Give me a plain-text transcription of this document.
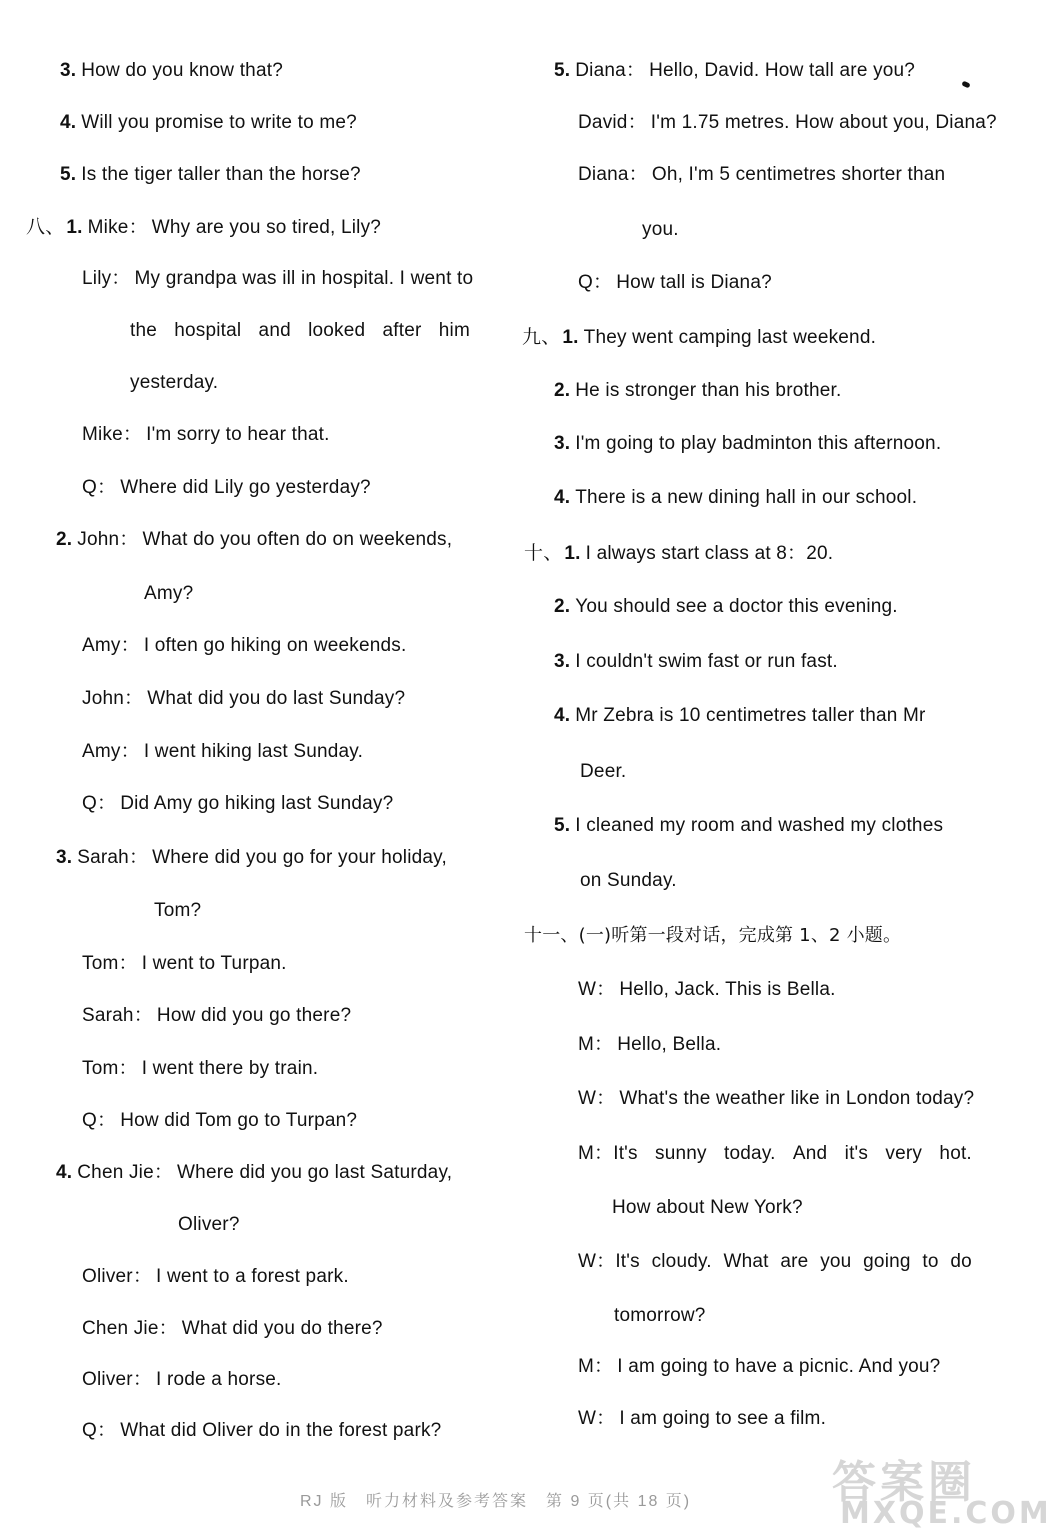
3. How do you know that?
4. Will you promise to write to me?
5. Is the tiger taller than the horse?
八、 1. Mike： Why are you so tired, Lily?
Lily： My grandpa was ill in hospital. I went to
the hospital and looked after him
yesterday.
Mike： I'm sorry to hear that.
Q： Where did Lily go yesterday?
2. John： What do you often do on weekends,
Amy?
Amy： I often go hiking on weekends.
John： What did you do last Sunday?
Amy： I went hiking last Sunday.
Q： Did Amy go hiking last Sunday?
3. Sarah： Where did you go for your holiday,
Tom?
Tom： I went to Turpan.
Sarah： How did you go there?
Tom： I went there by train.
Q： How did Tom go to Turpan?
4. Chen Jie： Where did you go last Saturday,
Oliver?
Oliver： I went to a forest park.
Chen Jie： What did you do there?
Oliver： I rode a horse.
Q： What did Oliver do in the forest park?
5. Diana： Hello, David. How tall are you?
David： I'm 1.75 metres. How about you, Diana?
Diana： Oh, I'm 5 centimetres shorter than
you.
Q： How tall is Diana?
九、 1. They went camping last weekend.
2. He is stronger than his brother.
3. I'm going to play badminton this afternoon.
4. There is a new dining hall in our school.
十、 1. I always start class at 8：20.
2. You should see a doctor this evening.
3. I couldn't swim fast or run fast.
4. Mr Zebra is 10 centimetres taller than Mr
Deer.
5. I cleaned my room and washed my clothes
on Sunday.
十一、(一)听第一段对话，完成第 1、2 小题。
W： Hello, Jack. This is Bella.
M： Hello, Bella.
W： What's the weather like in London today?
M：It's sunny today. And it's very hot.
How about New York?
W：It's cloudy. What are you going to do
tomorrow?
M： I am going to have a picnic. And you?
W： I am going to see a film.
RJ 版　听力材料及参考答案　第 9 页(共 18 页)	答案圈
MXQE.COM
